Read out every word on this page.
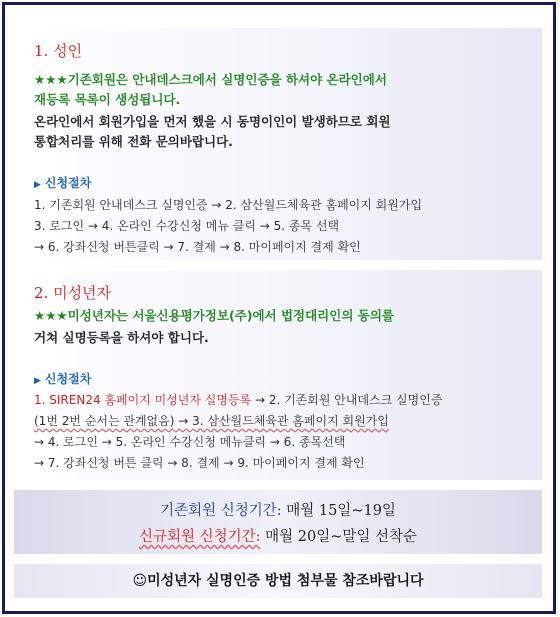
1. 성인
★★★기존회원은 안내데스크에서 실명인증을 하셔야 온라인에서
재등록 목록이 생성됩니다.
온라인에서 회원가입을 먼저 했을 시 동명이인이 발생하므로 회원
통합처리를 위해 전화 문의바랍니다.
▶ 신청절차
1. 기존회원 안내데스크 실명인증 → 2. 삼산월드체육관 홈페이지 회원가입
3. 로그인 → 4. 온라인 수강신청 메뉴 클릭 → 5. 종목 선택
→ 6. 강좌신청 버튼클릭 → 7. 결제 → 8. 마이페이지 결제 확인
2. 미성년자
★★★미성년자는 서울신용평가정보(주)에서 법정대리인의 동의를
거쳐 실명등록을 하셔야 합니다.
▶ 신청절차
1. SIREN24 홈페이지 미성년자 실명등록 → 2. 기존회원 안내데스크 실명인증
(1번 2번 순서는 관계없음) → 3. 삼산월드체육관 홈페이지 회원가입
→ 4. 로그인 → 5. 온라인 수강신청 메뉴클릭 → 6. 종목선택
→ 7. 강좌신청 버튼 클릭 → 8. 결제 → 9. 마이페이지 결제 확인
기존회원 신청기간: 매월 15일~19일
신규회원 신청기간: 매월 20일~말일 선착순
☺미성년자 실명인증 방법 첨부물 참조바랍니다
